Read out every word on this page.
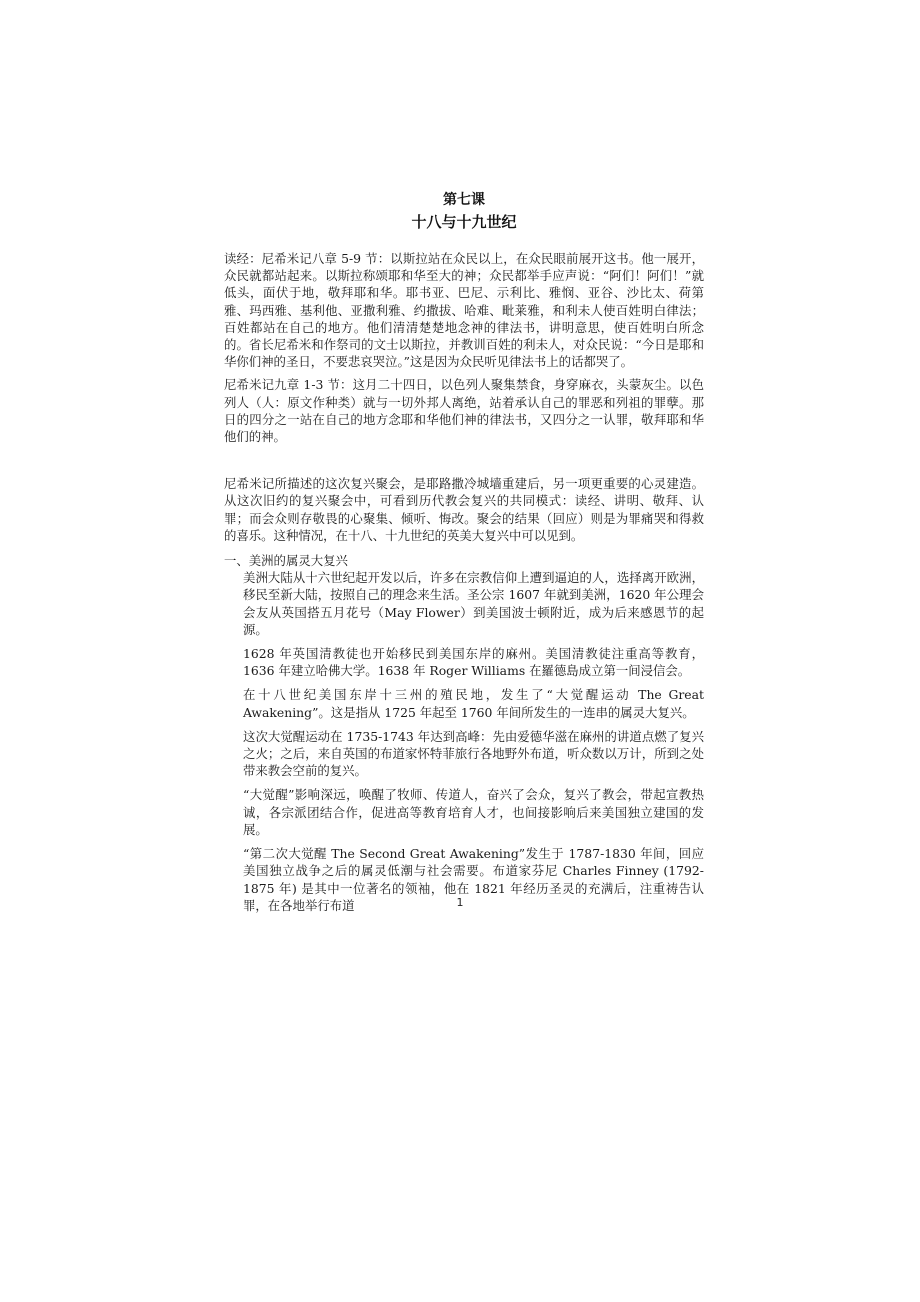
第七课
十八与十九世纪

读经：尼希米记八章 5-9 节：以斯拉站在众民以上，在众民眼前展开这书。他一展开，众民就都站起来。以斯拉称颂耶和华至大的神；众民都举手应声说：“阿们！阿们！”就低头，面伏于地，敬拜耶和华。耶书亚、巴尼、示利比、雅悯、亚谷、沙比太、荷第雅、玛西雅、基利他、亚撒利雅、约撒拔、哈难、毗莱雅，和利未人使百姓明白律法；百姓都站在自己的地方。他们清清楚楚地念神的律法书，讲明意思，使百姓明白所念的。省长尼希米和作祭司的文士以斯拉，并教训百姓的利未人，对众民说：“今日是耶和华你们神的圣日，不要悲哀哭泣。”这是因为众民听见律法书上的话都哭了。

尼希米记九章 1-3 节：这月二十四日，以色列人聚集禁食，身穿麻衣，头蒙灰尘。以色列人（人：原文作种类）就与一切外邦人离绝，站着承认自己的罪恶和列祖的罪孽。那日的四分之一站在自己的地方念耶和华他们神的律法书，又四分之一认罪，敬拜耶和华他们的神。

尼希米记所描述的这次复兴聚会，是耶路撒冷城墙重建后，另一项更重要的心灵建造。从这次旧约的复兴聚会中，可看到历代教会复兴的共同模式：读经、讲明、敬拜、认罪；而会众则存敬畏的心聚集、倾听、悔改。聚会的结果（回应）则是为罪痛哭和得救的喜乐。这种情况，在十八、十九世纪的英美大复兴中可以见到。

一、美洲的属灵大复兴

美洲大陆从十六世纪起开发以后，许多在宗教信仰上遭到逼迫的人，选择离开欧洲，移民至新大陆，按照自己的理念来生活。圣公宗 1607 年就到美洲，1620 年公理会会友从英国搭五月花号（May Flower）到美国波士顿附近，成为后来感恩节的起源。

1628 年英国清教徒也开始移民到美国东岸的麻州。美国清教徒注重高等教育，1636 年建立哈佛大学。1638 年 Roger Williams 在羅德島成立第一间浸信会。

在十八世纪美国东岸十三州的殖民地，发生了“大觉醒运动 The Great Awakening”。这是指从 1725 年起至 1760 年间所发生的一连串的属灵大复兴。

这次大觉醒运动在 1735-1743 年达到高峰：先由爱德华滋在麻州的讲道点燃了复兴之火；之后，来自英国的布道家怀特菲旅行各地野外布道，听众数以万计，所到之处带来教会空前的复兴。

“大觉醒”影响深远，唤醒了牧师、传道人，奋兴了会众，复兴了教会，带起宣教热诚，各宗派团结合作，促进高等教育培育人才，也间接影响后来美国独立建国的发展。

“第二次大觉醒 The Second Great Awakening”发生于 1787-1830 年间，回应美国独立战争之后的属灵低潮与社会需要。布道家芬尼 Charles Finney (1792-1875 年) 是其中一位著名的领袖，他在 1821 年经历圣灵的充满后，注重祷告认罪，在各地举行布道	1
